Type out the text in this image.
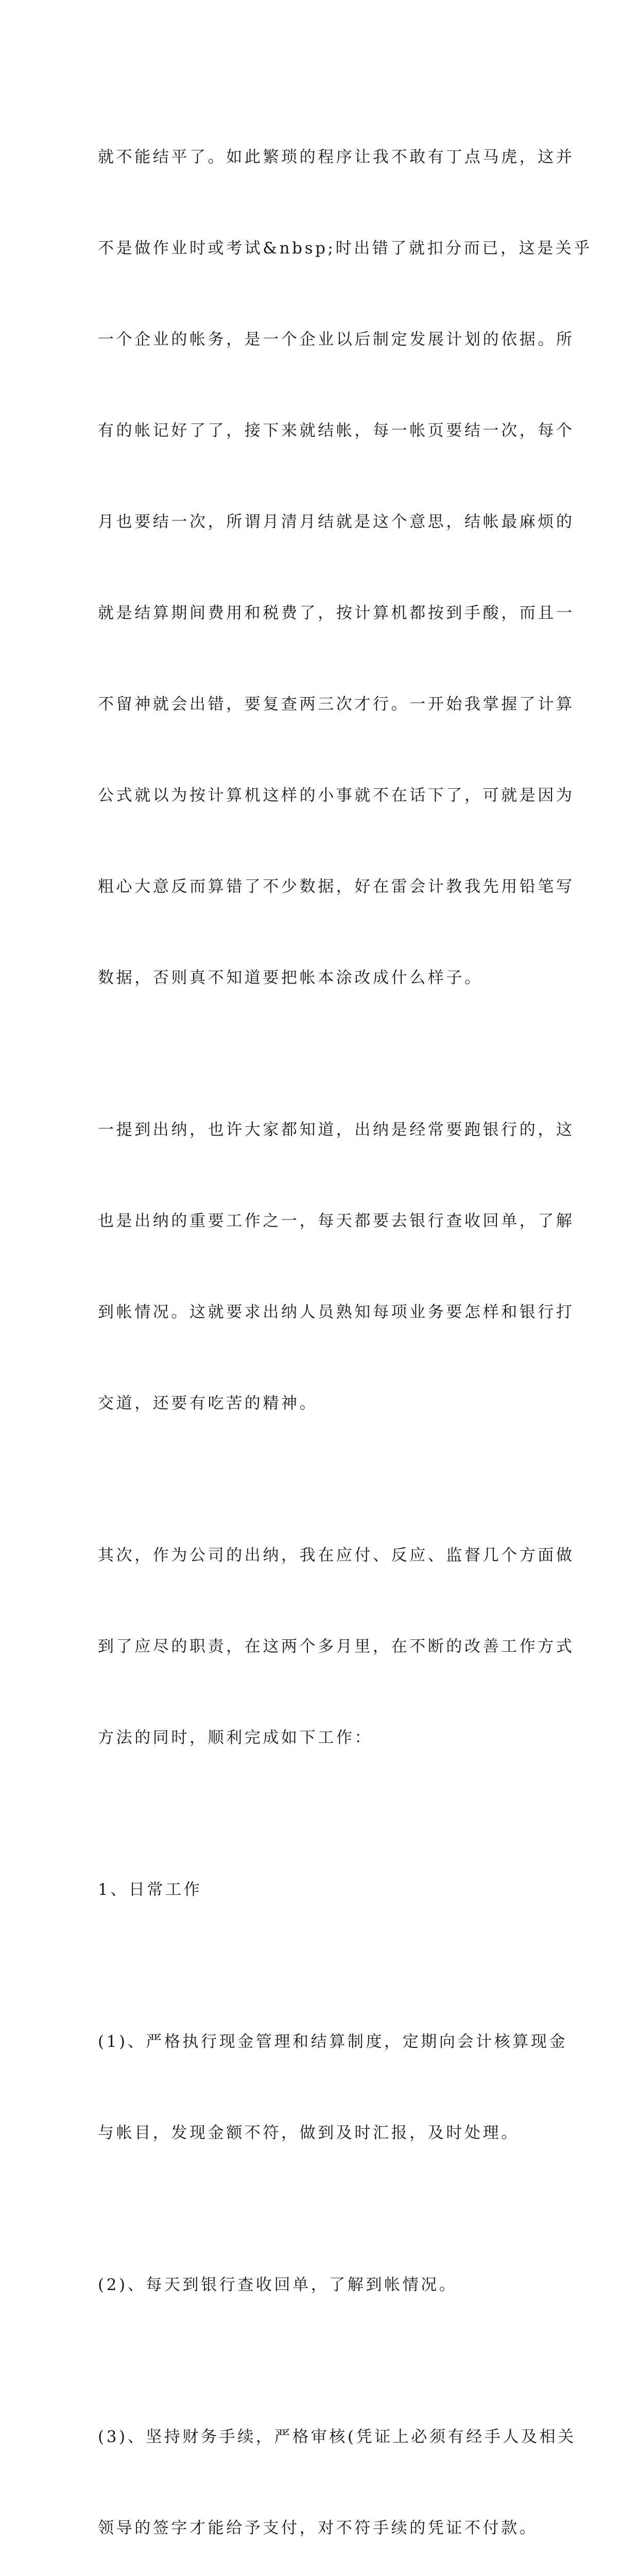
就不能结平了。如此繁琐的程序让我不敢有丁点马虎，这并

不是做作业时或考试&nbsp;时出错了就扣分而已，这是关乎

一个企业的帐务，是一个企业以后制定发展计划的依据。所

有的帐记好了了，接下来就结帐，每一帐页要结一次，每个

月也要结一次，所谓月清月结就是这个意思，结帐最麻烦的

就是结算期间费用和税费了，按计算机都按到手酸，而且一

不留神就会出错，要复查两三次才行。一开始我掌握了计算

公式就以为按计算机这样的小事就不在话下了，可就是因为

粗心大意反而算错了不少数据，好在雷会计教我先用铅笔写

数据，否则真不知道要把帐本涂改成什么样子。

一提到出纳，也许大家都知道，出纳是经常要跑银行的，这

也是出纳的重要工作之一，每天都要去银行查收回单，了解

到帐情况。这就要求出纳人员熟知每项业务要怎样和银行打

交道，还要有吃苦的精神。

其次，作为公司的出纳，我在应付、反应、监督几个方面做

到了应尽的职责，在这两个多月里，在不断的改善工作方式

方法的同时，顺利完成如下工作：

1、日常工作

(1)、严格执行现金管理和结算制度，定期向会计核算现金

与帐目，发现金额不符，做到及时汇报，及时处理。

(2)、每天到银行查收回单，了解到帐情况。

(3)、坚持财务手续，严格审核(凭证上必须有经手人及相关

领导的签字才能给予支付，对不符手续的凭证不付款。
